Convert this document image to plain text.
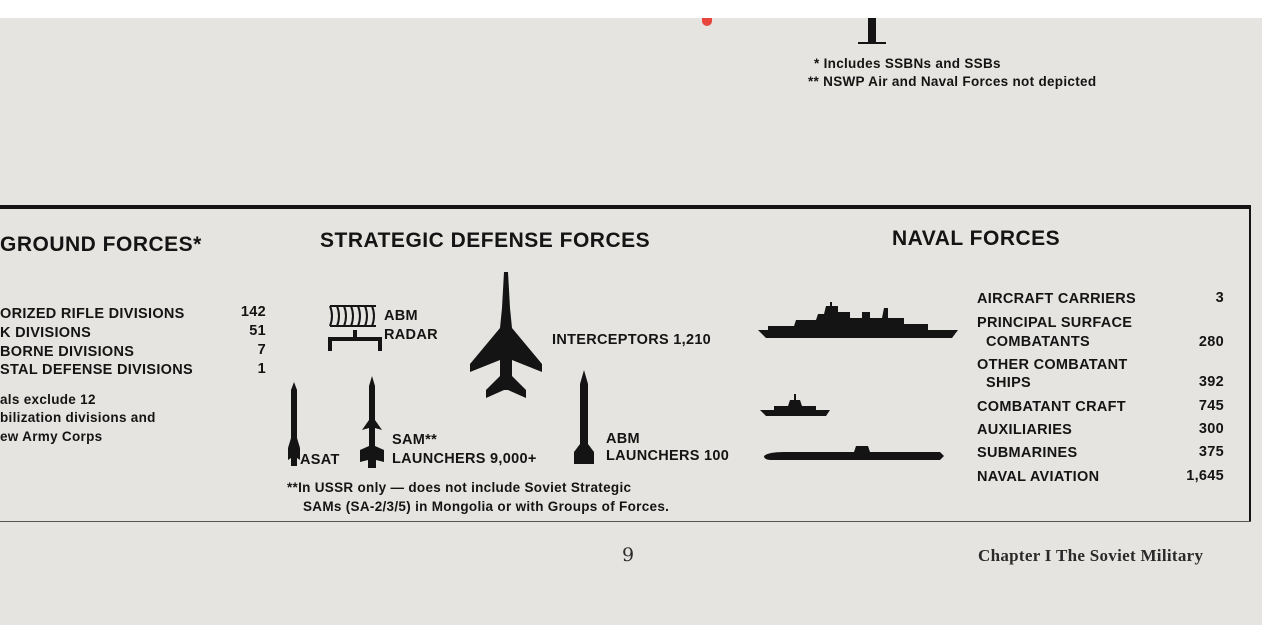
* Includes SSBNs and SSBs
** NSWP Air and Naval Forces not depicted
GROUND FORCES*
ORIZED RIFLE DIVISIONS	142
K DIVISIONS	51
BORNE DIVISIONS	7
STAL DEFENSE DIVISIONS	1
als exclude 12
bilization divisions and
ew Army Corps
STRATEGIC DEFENSE FORCES
ABM
RADAR	INTERCEPTORS 1,210
ASAT
SAM**
LAUNCHERS 9,000+
ABM
LAUNCHERS 100
**In USSR only — does not include Soviet Strategic
SAMs (SA-2/3/5) in Mongolia or with Groups of Forces.
NAVAL FORCES
AIRCRAFT CARRIERS	3
PRINCIPAL SURFACE
COMBATANTS	280
OTHER COMBATANT
SHIPS	392
COMBATANT CRAFT	745
AUXILIARIES	300
SUBMARINES	375
NAVAL AVIATION	1,645
9	Chapter I The Soviet Military
